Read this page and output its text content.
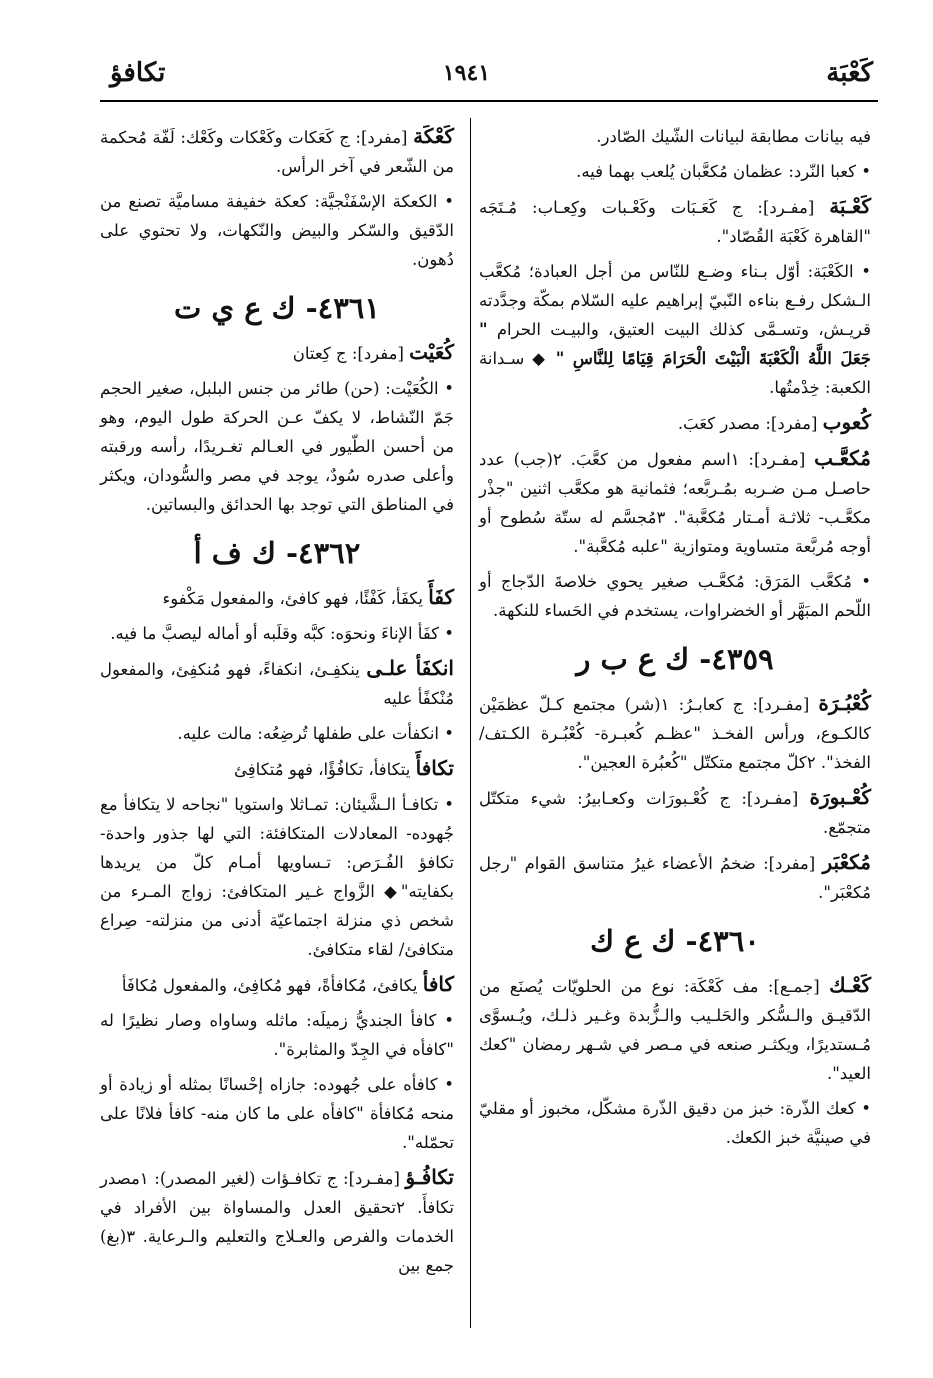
كَعْبَة
١٩٤١
تكافؤ

فيه بيانات مطابقة لبيانات الشّيك الصّادر.

• كعبا النّرد: عظمان مُكعَّبان يُلعب بهما فيه.

كَعْـبَة [مفـرد]: ج كَعَـبَات وكَعْـبات وكِعـاب: مُـتَجَه "القاهرة كَعْبَة القُصّاد".

• الكَعْبَة: أوّل بـناء وضـع للنّاس من أجل العبادة؛ مُكعَّب الـشكل رفـع بناءه النّبيّ إبراهيم عليه السّلام بمكّة وجدَّدته قريـش، وتسـمَّى كذلك البيت العتيق، والبيـت الحرام " جَعَلَ اللَّهُ الْكَعْبَةَ الْبَيْتَ الْحَرَامَ قِيَامًا لِلنَّاسِ " ◆ سـدانة الكعبة: خِدْمتُها.

كُعوب [مفرد]: مصدر كعَبَ.

مُكعَّـب [مفـرد]: ١اسم مفعول من كعَّبَ. ٢(جب) عدد حاصـل مـن ضـربه بمُـربَّعه؛ فثمانية هو مكعَّب اثنين "جذْر مكعَّـب- ثلاثـة أمـتار مُكعَّبة". ٣مُجسَّم له ستّة سُطوح أو أوجه مُربَّعة متساوية ومتوازية "علبه مُكعَّبة".

• مُكعَّب المَرَق: مُكعَّـب صغير يحوي خلاصةَ الدّجاج أو اللّحم المبَهَّر أو الخضراوات، يستخدم في الحَساء للنكهة.

٤٣٥٩- ك ع ب ر

كُعْبُـرَة [مفـرد]: ج كعابـرُ: ١(شر) مجتمع كـلّ عظمَيْن كالكـوع، ورأس الفخـذ "عظـم كُعبـرة- كُعْبُـرة الكـتف/ الفخذ". ٢كلّ مجتمع متكتّل "كُعبُرة العجين".

كُعْـبورَة [مفـرد]: ج كُعْـبورَات وكعـابيرُ: شيء متكتّل متجمّع.

مُكعْبَر [مفرد]: ضخمُ الأعضاء غيرُ متناسق القوام "رجل مُكعْبَر".

٤٣٦٠- ك ع ك

كَعْـك [جمـع]: مف كَعْكَة: نوع من الحلويّات يُصنَع من الدّقيـق والـسُّكر والحَلـيب والـزُّبدة وغـير ذلـك، ويُـسوَّى مُـستديرًا، ويكثـر صنعه في مـصر في شـهر رمضان "كعك العيد".

• كعك الذّرة: خبز من دقيق الذّرة مشكّل، مخبوز أو مقليّ في صينيَّة خبز الكعك.

كَعْكَة [مفرد]: ج كَعَكات وكَعْكات وكَعْك: لَفّة مُحكمة من الشّعر في آخر الرأس.

• الكعكة الإسْفَنْجيَّة: كعكة خفيفة مساميَّة تصنع من الدّقيق والسّكر والبيض والنّكهات، ولا تحتوي على دُهون.

٤٣٦١- ك ع ي ت

كُعَيْت [مفرد]: ج كِعتان

• الكُعَيْت: (حن) طائر من جنس البلبل، صغير الحجم جَمّ النّشاط، لا يكفّ عـن الحركة طول اليوم، وهو من أحسن الطّيور في العـالم تغـريدًا، رأسه ورقبته وأعلى صدره سُودٌ، يوجد في مصر والسُّودان، ويكثر في المناطق التي توجد بها الحدائق والبساتين.

٤٣٦٢- ك ف أ

كفَأَ يكفَأ، كَفْئًا، فهو كافئ، والمفعول مَكْفوء

• كفَأ الإناءَ ونحوَه: كبَّه وقلَبه أو أماله ليصبَّ ما فيه.

انكفَأ علـى ينكفِـئ، انكفاءً، فهو مُنكفِئ، والمفعول مُنْكفًأ عليه

• انكفأت على طفلها تُرضِعُه: مالت عليه.

تكافأَ يتكافأ، تكافُؤًا، فهو مُتكافِئ

• تكافـأ الـشَّيئان: تمـاثلا واستويا "نجاحه لا يتكافأ مع جُهوده- المعادلات المتكافئة: التي لها جذور واحدة- تكافؤ الفُـرَص: تـساويها أمـام كلّ من يريدها بكفايته"◆ الزَّواج غـير المتكافئ: زواج المـرء من شخص ذي منزلة اجتماعيّة أدنى من منزلته- صِراع متكافئ/ لقاء متكافئ.

كافأ يكافئ، مُكافأةً، فهو مُكافِئ، والمفعول مُكافَأ

• كافأ الجنديُّ زميلَه: ماثله وساواه وصار نظيرًا له "كافأه في الجِدّ والمثابرة".

• كافأه على جُهوده: جازاه إحْسانًا بمثله أو زيادة أو منحه مُكافأة "كافأه على ما كان منه- كافأ فلانًا على تحمّله".

تكافُـؤ [مفـرد]: ج تكافـؤات (لغير المصدر): ١مصدر تكافأَ. ٢تحقيق العدل والمساواة بين الأفراد في الخدمات والفرص والعـلاج والتعليم والـرعاية. ٣(بغ) جمع بين
